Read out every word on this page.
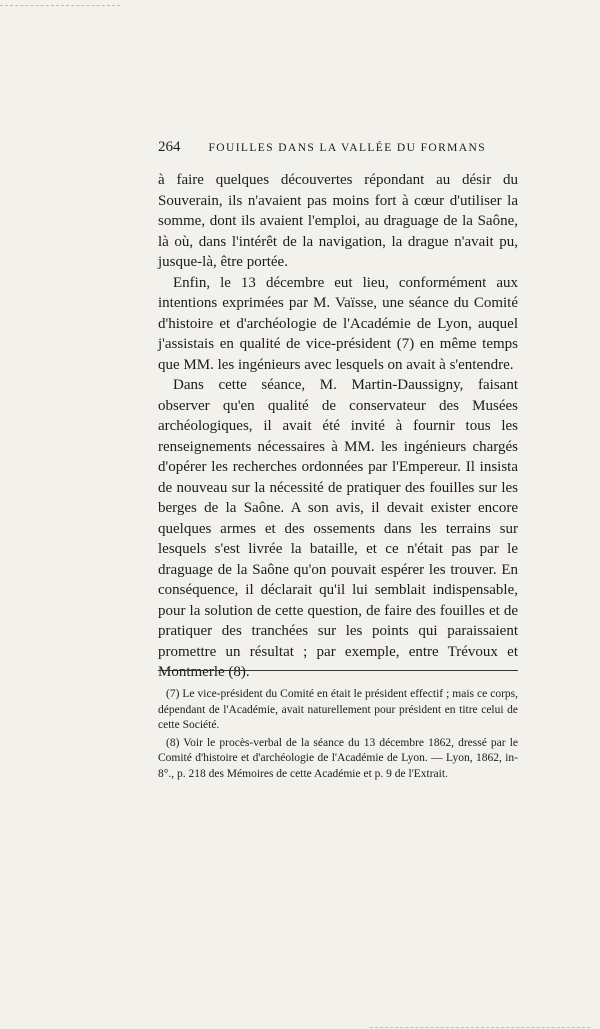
264 FOUILLES DANS LA VALLÉE DU FORMANS

à faire quelques découvertes répondant au désir du Souverain, ils n'avaient pas moins fort à cœur d'utiliser la somme, dont ils avaient l'emploi, au draguage de la Saône, là où, dans l'intérêt de la navigation, la drague n'avait pu, jusque-là, être portée.

Enfin, le 13 décembre eut lieu, conformément aux intentions exprimées par M. Vaïsse, une séance du Comité d'histoire et d'archéologie de l'Académie de Lyon, auquel j'assistais en qualité de vice-président (7) en même temps que MM. les ingénieurs avec lesquels on avait à s'entendre.

Dans cette séance, M. Martin-Daussigny, faisant observer qu'en qualité de conservateur des Musées archéologiques, il avait été invité à fournir tous les renseignements nécessaires à MM. les ingénieurs chargés d'opérer les recherches ordonnées par l'Empereur. Il insista de nouveau sur la nécessité de pratiquer des fouilles sur les berges de la Saône. A son avis, il devait exister encore quelques armes et des ossements dans les terrains sur lesquels s'est livrée la bataille, et ce n'était pas par le draguage de la Saône qu'on pouvait espérer les trouver. En conséquence, il déclarait qu'il lui semblait indispensable, pour la solution de cette question, de faire des fouilles et de pratiquer des tranchées sur les points qui paraissaient promettre un résultat ; par exemple, entre Trévoux et Montmerle (8).

(7) Le vice-président du Comité en était le président effectif ; mais ce corps, dépendant de l'Académie, avait naturellement pour président en titre celui de cette Société.

(8) Voir le procès-verbal de la séance du 13 décembre 1862, dressé par le Comité d'histoire et d'archéologie de l'Académie de Lyon. — Lyon, 1862, in-8°., p. 218 des Mémoires de cette Académie et p. 9 de l'Extrait.
